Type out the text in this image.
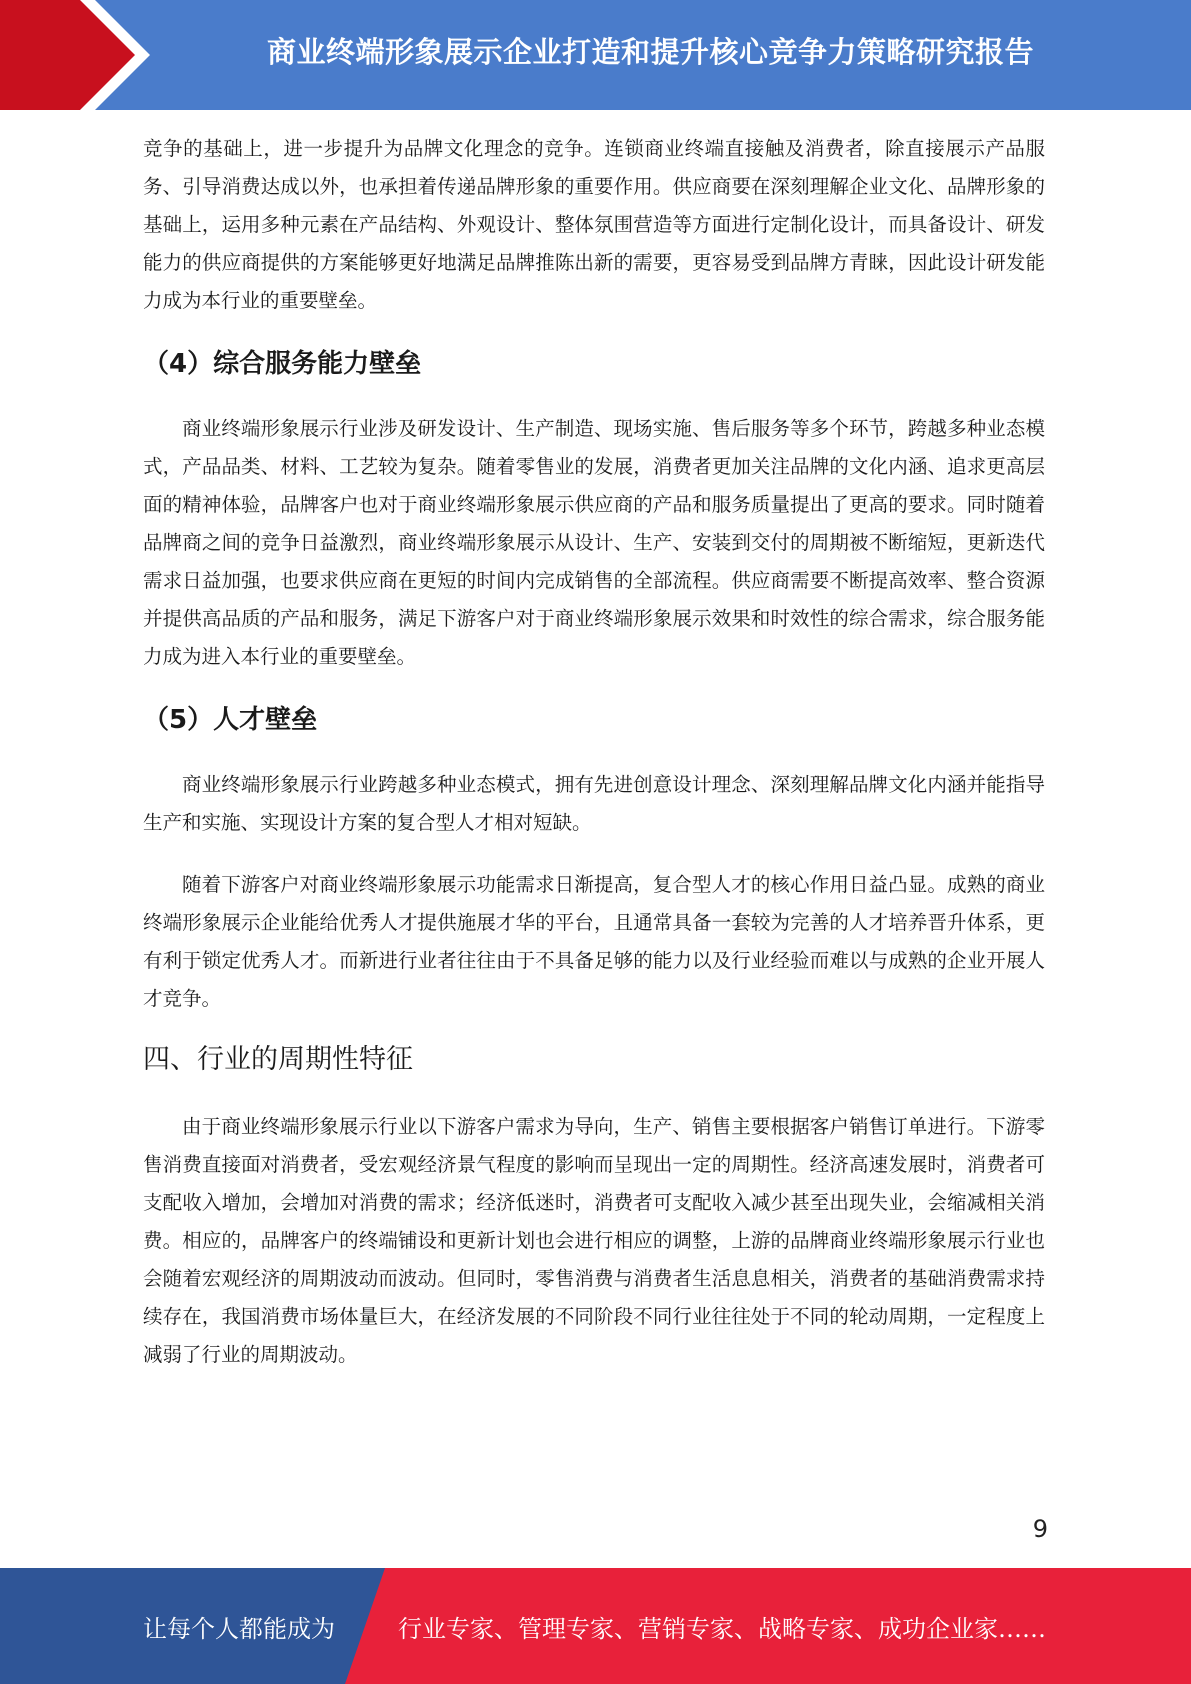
商业终端形象展示企业打造和提升核心竞争力策略研究报告

竞争的基础上，进一步提升为品牌文化理念的竞争。连锁商业终端直接触及消费者，除直接展示产品服务、引导消费达成以外，也承担着传递品牌形象的重要作用。供应商要在深刻理解企业文化、品牌形象的基础上，运用多种元素在产品结构、外观设计、整体氛围营造等方面进行定制化设计，而具备设计、研发能力的供应商提供的方案能够更好地满足品牌推陈出新的需要，更容易受到品牌方青睐，因此设计研发能力成为本行业的重要壁垒。

（4）综合服务能力壁垒

商业终端形象展示行业涉及研发设计、生产制造、现场实施、售后服务等多个环节，跨越多种业态模式，产品品类、材料、工艺较为复杂。随着零售业的发展，消费者更加关注品牌的文化内涵、追求更高层面的精神体验，品牌客户也对于商业终端形象展示供应商的产品和服务质量提出了更高的要求。同时随着品牌商之间的竞争日益激烈，商业终端形象展示从设计、生产、安装到交付的周期被不断缩短，更新迭代需求日益加强，也要求供应商在更短的时间内完成销售的全部流程。供应商需要不断提高效率、整合资源并提供高品质的产品和服务，满足下游客户对于商业终端形象展示效果和时效性的综合需求，综合服务能力成为进入本行业的重要壁垒。

（5）人才壁垒

商业终端形象展示行业跨越多种业态模式，拥有先进创意设计理念、深刻理解品牌文化内涵并能指导生产和实施、实现设计方案的复合型人才相对短缺。

随着下游客户对商业终端形象展示功能需求日渐提高，复合型人才的核心作用日益凸显。成熟的商业终端形象展示企业能给优秀人才提供施展才华的平台，且通常具备一套较为完善的人才培养晋升体系，更有利于锁定优秀人才。而新进行业者往往由于不具备足够的能力以及行业经验而难以与成熟的企业开展人才竞争。

四、行业的周期性特征

由于商业终端形象展示行业以下游客户需求为导向，生产、销售主要根据客户销售订单进行。下游零售消费直接面对消费者，受宏观经济景气程度的影响而呈现出一定的周期性。经济高速发展时，消费者可支配收入增加，会增加对消费的需求；经济低迷时，消费者可支配收入减少甚至出现失业，会缩减相关消费。相应的，品牌客户的终端铺设和更新计划也会进行相应的调整，上游的品牌商业终端形象展示行业也会随着宏观经济的周期波动而波动。但同时，零售消费与消费者生活息息相关，消费者的基础消费需求持续存在，我国消费市场体量巨大，在经济发展的不同阶段不同行业往往处于不同的轮动周期，一定程度上减弱了行业的周期波动。

9
让每个人都能成为	行业专家、管理专家、营销专家、战略专家、成功企业家……
